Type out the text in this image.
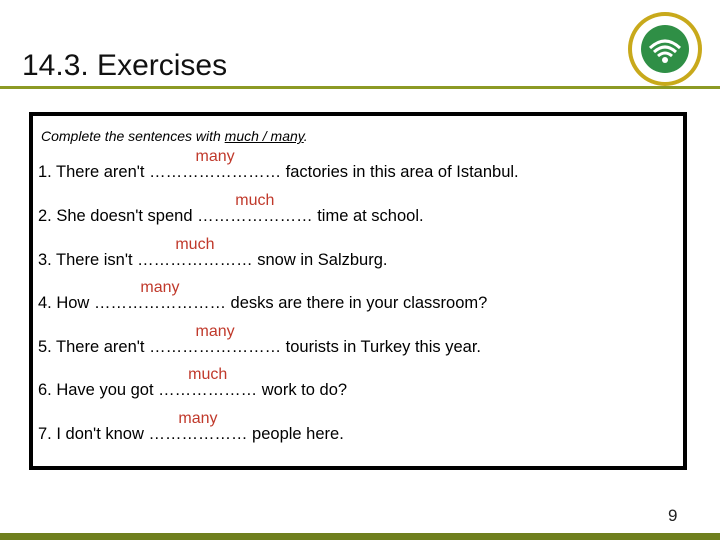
14.3. Exercises
Complete the sentences with much / many.
1. There aren't ……………………
many
factories in this area of Istanbul.
2. She doesn't spend …………………
much
time at school.
3. There isn't …………………
much
snow in Salzburg.
4. How ……………………
many
desks are there in your classroom?
5. There aren't ……………………
many
tourists in Turkey this year.
6. Have you got ………………
much
work to do?
7. I don't know ………………
many
people here.
9
